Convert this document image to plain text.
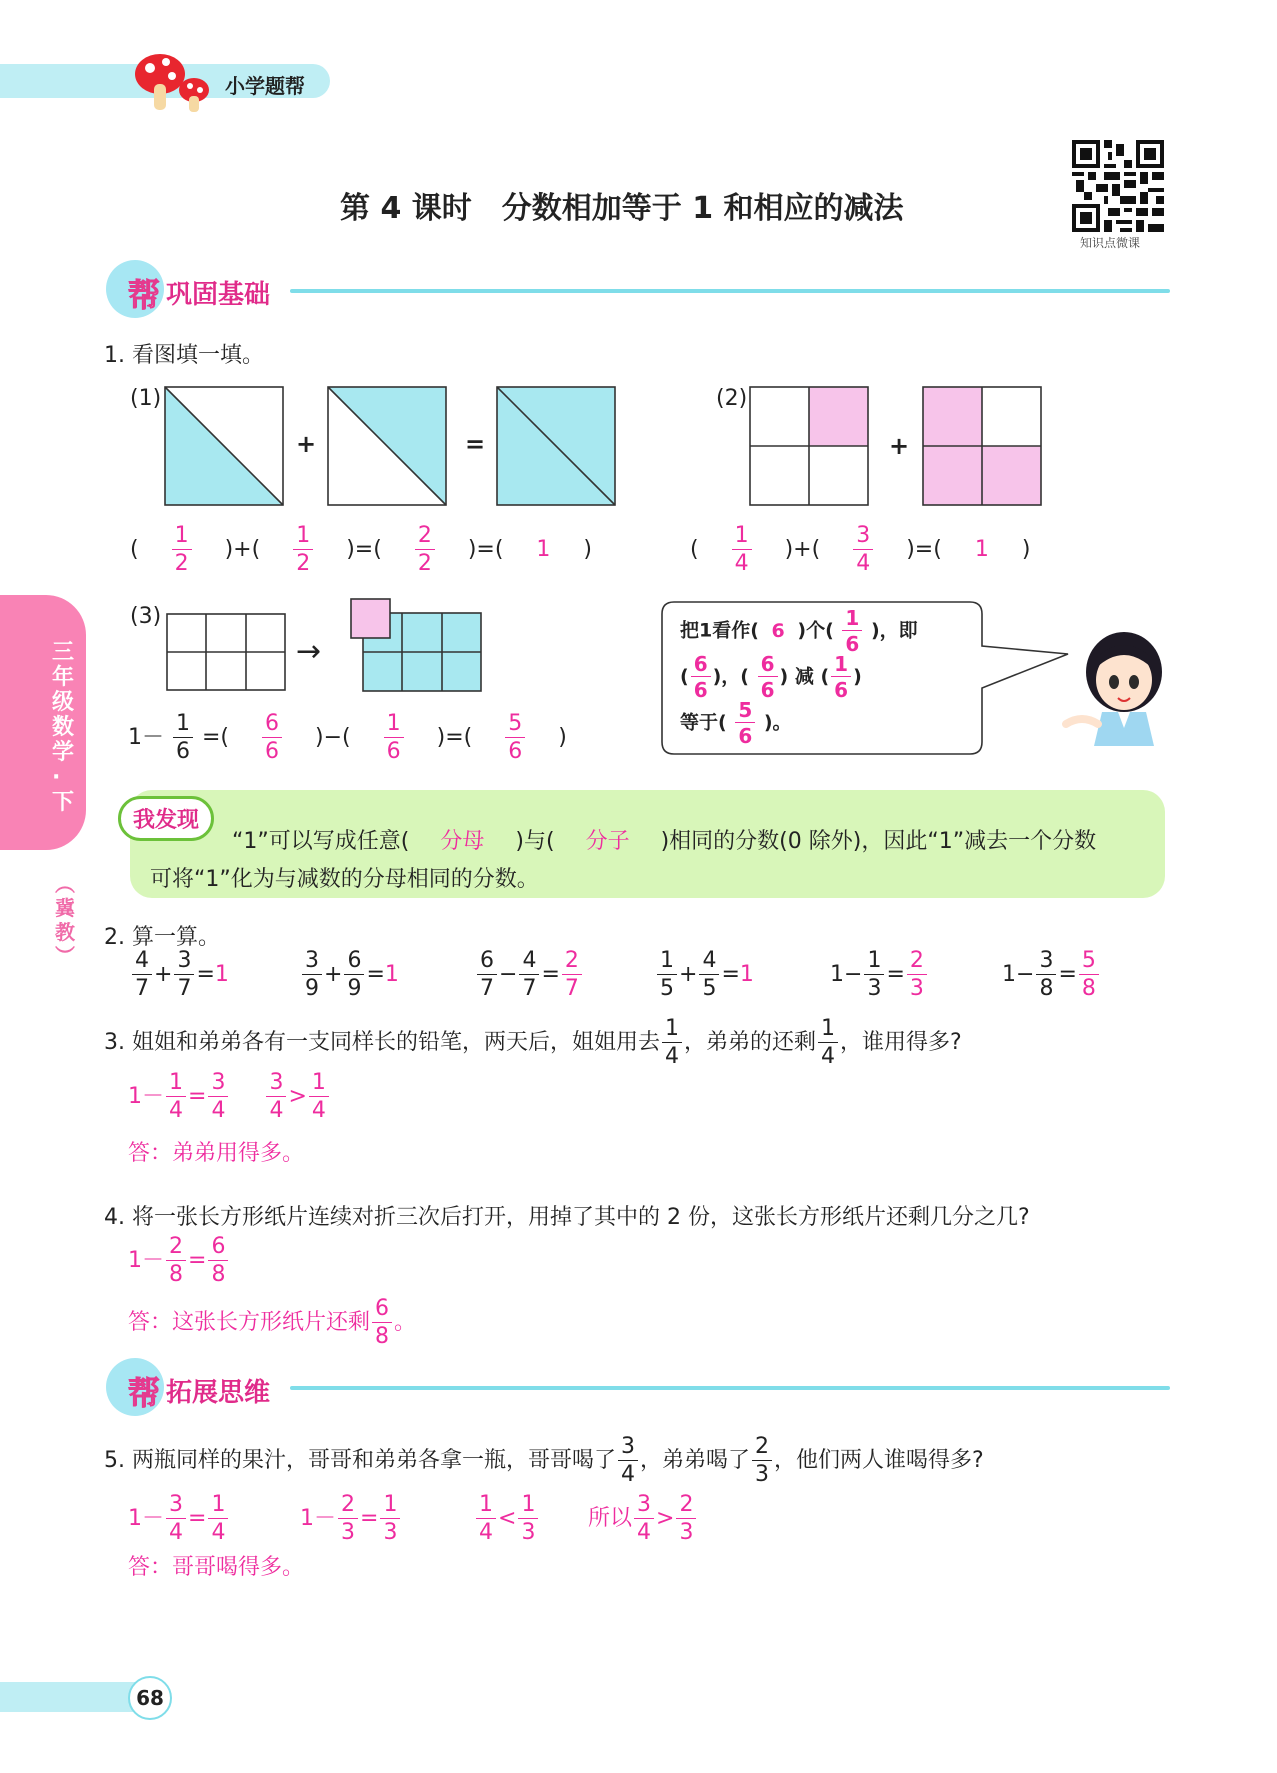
小学题帮
第 4 课时　分数相加等于 1 和相应的减法
知识点微课
三年级数学·下
︵

冀教
︶
帮 巩固基础
1. 看图填一填。
(1)
+	=
( $\frac{1}{2}$ )+( $\frac{1}{2}$ )=( $\frac{2}{2}$ )=( 1 )
(2)
+
( $\frac{1}{4}$ )+( $\frac{3}{4}$ )=( 1 )
(3)
→
$1- \frac{1}{6}$ =( $\frac{6}{6}$ )−( $\frac{1}{6}$ )=( $\frac{5}{6}$ )
把1看作( 6 )个( $\frac{1}{6}$ )，即
( $\frac{6}{6}$ )，( $\frac{6}{6}$ ) 减 ( $\frac{1}{6}$ )
等于( $\frac{5}{6}$ )。
我发现
“1”可以写成任意( 分母 )与( 分子 )相同的分数(0 除外)，因此“1”减去一个分数
可将“1”化为与减数的分母相同的分数。
2. 算一算。
$\frac{4}{7} + \frac{3}{7} =1$	$\frac{3}{9} + \frac{6}{9} =1$	$\frac{6}{7} - \frac{4}{7} = \frac{2}{7}$	$\frac{1}{5} + \frac{4}{5} =1$	$1- \frac{1}{3} = \frac{2}{3}$	$1- \frac{3}{8} = \frac{5}{8}$
3. 姐姐和弟弟各有一支同样长的铅笔，两天后，姐姐用去 $\frac{1}{4}$ ，弟弟的还剩 $\frac{1}{4}$ ，谁用得多?
$1- \frac{1}{4} = \frac{3}{4}$
$\frac{3}{4} > \frac{1}{4}$
答：弟弟用得多。
4. 将一张长方形纸片连续对折三次后打开，用掉了其中的 2 份，这张长方形纸片还剩几分之几?
$1- \frac{2}{8} = \frac{6}{8}$
答：这张长方形纸片还剩 $\frac{6}{8}$ 。
帮 拓展思维
5. 两瓶同样的果汁，哥哥和弟弟各拿一瓶，哥哥喝了 $\frac{3}{4}$ ，弟弟喝了 $\frac{2}{3}$ ，他们两人谁喝得多?
$1- \frac{3}{4} = \frac{1}{4}$	$1- \frac{2}{3} = \frac{1}{3}$	$\frac{1}{4} < \frac{1}{3}$ 所以 $\frac{3}{4} > \frac{2}{3}$
答：哥哥喝得多。
68
